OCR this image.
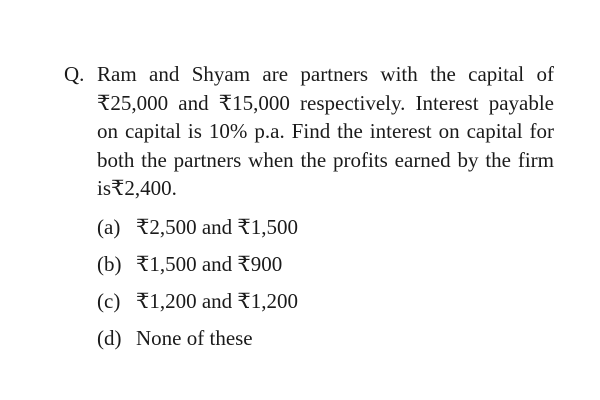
Q. Ram and Shyam are partners with the capital of ₹25,000 and ₹15,000 respectively. Interest payable on capital is 10% p.a. Find the interest on capital for both the partners when the profits earned by the firm is₹2,400.
(a) ₹2,500 and ₹1,500
(b) ₹1,500 and ₹900
(c) ₹1,200 and ₹1,200
(d) None of these
